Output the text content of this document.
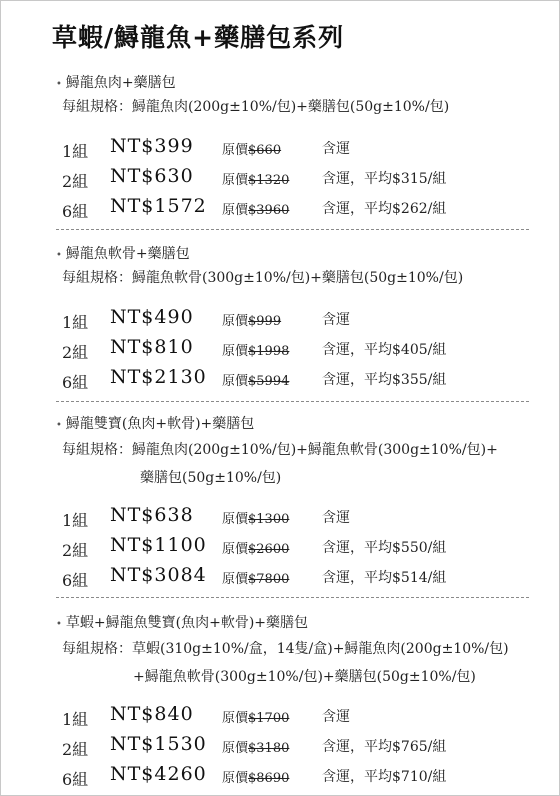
草蝦/鱘龍魚+藥膳包系列
• 鱘龍魚肉+藥膳包
每組規格：鱘龍魚肉(200g±10%/包)+藥膳包(50g±10%/包)
1組 NT$399 原價$660	含運
2組 NT$630 原價$1320 含運，平均$315/組
6組 NT$1572 原價$3960 含運，平均$262/組
• 鱘龍魚軟骨+藥膳包
每組規格：鱘龍魚軟骨(300g±10%/包)+藥膳包(50g±10%/包)
1組 NT$490 原價$999	含運
2組 NT$810 原價$1998 含運，平均$405/組
6組 NT$2130 原價$5994 含運，平均$355/組
• 鱘龍雙寶(魚肉+軟骨)+藥膳包
每組規格：鱘龍魚肉(200g±10%/包)+鱘龍魚軟骨(300g±10%/包)+
藥膳包(50g±10%/包)
1組 NT$638 原價$1300 含運
2組 NT$1100 原價$2600 含運，平均$550/組
6組 NT$3084 原價$7800 含運，平均$514/組
• 草蝦+鱘龍魚雙寶(魚肉+軟骨)+藥膳包
每組規格：草蝦(310g±10%/盒，14隻/盒)+鱘龍魚肉(200g±10%/包)
+鱘龍魚軟骨(300g±10%/包)+藥膳包(50g±10%/包)
1組 NT$840 原價$1700 含運
2組 NT$1530 原價$3180 含運，平均$765/組
6組 NT$4260 原價$8690 含運，平均$710/組
